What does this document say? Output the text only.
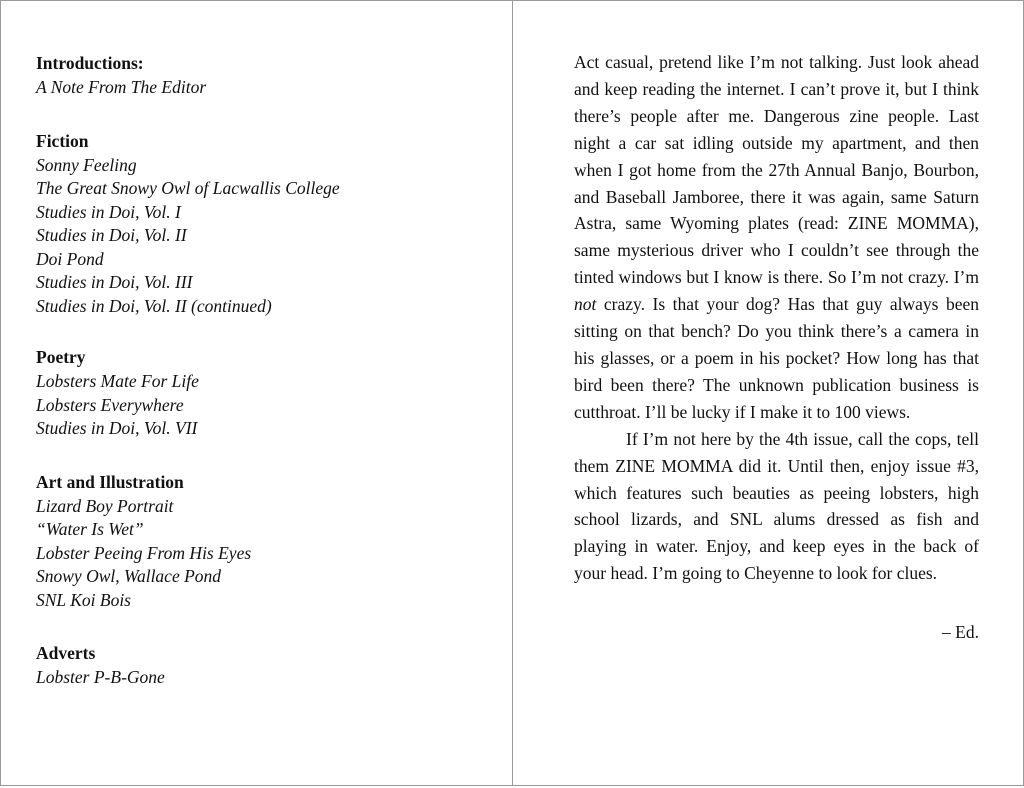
Introductions:

A Note From The Editor

Fiction

Sonny Feeling

The Great Snowy Owl of Lacwallis College

Studies in Doi, Vol. I

Studies in Doi, Vol. II

Doi Pond

Studies in Doi, Vol. III

Studies in Doi, Vol. II (continued)

Poetry

Lobsters Mate For Life

Lobsters Everywhere

Studies in Doi, Vol. VII

Art and Illustration

Lizard Boy Portrait

“Water Is Wet”

Lobster Peeing From His Eyes

Snowy Owl, Wallace Pond

SNL Koi Bois

Adverts

Lobster P-B-Gone

Act casual, pretend like I’m not talking. Just look ahead and keep reading the internet. I can’t prove it, but I think there’s people after me. Dangerous zine people. Last night a car sat idling outside my apartment, and then when I got home from the 27th Annual Banjo, Bourbon, and Baseball Jamboree, there it was again, same Saturn Astra, same Wyoming plates (read: ZINE MOMMA), same mysterious driver who I couldn’t see through the tinted windows but I know is there. So I’m not crazy. I’m not crazy. Is that your dog? Has that guy always been sitting on that bench? Do you think there’s a camera in his glasses, or a poem in his pocket? How long has that bird been there? The unknown publication business is cutthroat. I’ll be lucky if I make it to 100 views.

If I’m not here by the 4th issue, call the cops, tell them ZINE MOMMA did it. Until then, enjoy issue #3, which features such beauties as peeing lobsters, high school lizards, and SNL alums dressed as fish and playing in water. Enjoy, and keep eyes in the back of your head. I’m going to Cheyenne to look for clues.

– Ed.
